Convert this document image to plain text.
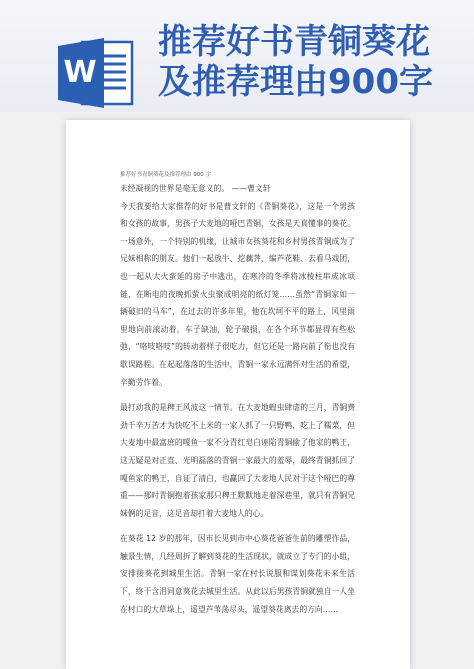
W
推荐好书青铜葵花
及推荐理由900字
推荐好书青铜葵花及推荐理由 900 字

未经凝视的世界是毫无意义的。 ——曹文轩

今天我要给大家推荐的好书是曹文轩的《青铜葵花》，这是一个男孩和女孩的故事，男孩子大麦地的哑巴青铜，女孩是天真懂事的葵花。一场意外，一个特别的机缘，让城市女孩葵花和乡村男孩青铜成为了兄妹相称的朋友。他们一起放牛、挖藕荠、编芦花鞋、去看马戏团，也一起从大火蛮延的房子中逃出，在寒冷的冬季将冰棱柱串成冰项链，在断电的夜晚抓萤火虫聚成明亮的纸灯笼……虽然“青铜家如一辆破旧的马车”，在过去的许多年里，他在坎坷不平的路上，风里雨里地向前滚动着，车子缺油，轮子破损，在各个环节都显得有些松弛，“咯吱咯吱”的转动着样子很吃力，但它还是一路向前了衔也没有歇误路程。在起起落落的生活中，青铜一家永远满怀对生活的希望，辛勤劳作着。

最打动我的是稗王风波这一情节。在大麦地蝗虫肆虐的三月，青铜费劲千辛万苦才为快吃不上米的一家人抓了一只野鸭，吃上了糯菜，但大麦地中最富庶的嘎鱼一家不分青红皂白诬陷青铜偷了他家的鸭王，这无疑是对正直、光明磊落的青铜一家最大的羞辱，最终青铜抓回了嘎鱼家的鸭王，自证了清白，也赢回了大麦地人民对于这个哑巴的尊重——那时青铜抱着孩家那只稗王默默地走着深巷里，就只有青铜兄妹俩的足音，这足音却打着大麦地人的心。

在葵花 12 岁的那年，因市长见到市中心葵花爸爸生前的雕塑作品，触景生情，几经周折了解到葵花的生活现状，就成立了专门的小组，安排接葵花到城里生活。青铜一家在村长说服和谋划葵花未来生活下，终于含泪同意葵花去城里生活。从此以后男孩青铜就独自一人坐在村口的大草垛上，遥望芦苇荡尽头，遥望葵花离去的方向……
